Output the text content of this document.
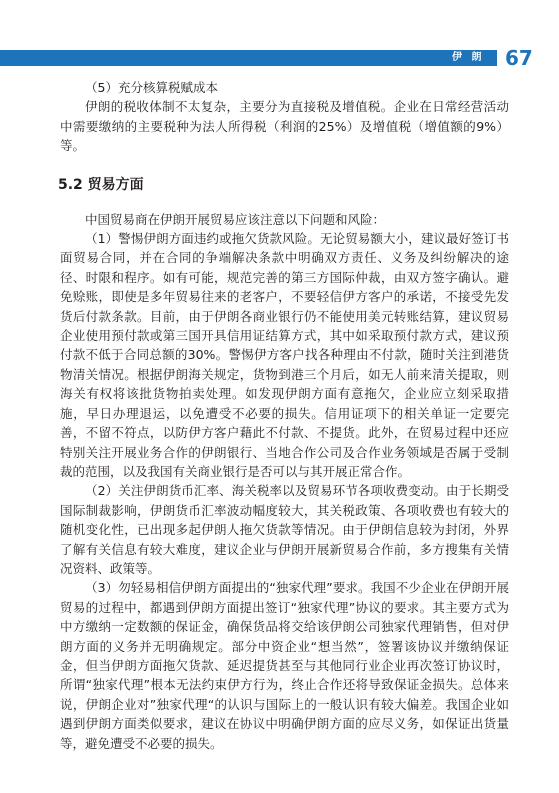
伊 朗 67

（5）充分核算税赋成本

伊朗的税收体制不太复杂，主要分为直接税及增值税。企业在日常经营活动中需要缴纳的主要税种为法人所得税（利润的25%）及增值税（增值额的9%）等。

5.2 贸易方面

中国贸易商在伊朗开展贸易应该注意以下问题和风险：

（1）警惕伊朗方面违约或拖欠货款风险。无论贸易额大小，建议最好签订书面贸易合同，并在合同的争端解决条款中明确双方责任、义务及纠纷解决的途径、时限和程序。如有可能，规范完善的第三方国际仲裁，由双方签字确认。避免赊账，即使是多年贸易往来的老客户，不要轻信伊方客户的承诺，不接受先发货后付款条款。目前，由于伊朗各商业银行仍不能使用美元转账结算，建议贸易企业使用预付款或第三国开具信用证结算方式，其中如采取预付款方式，建议预付款不低于合同总额的30%。警惕伊方客户找各种理由不付款，随时关注到港货物清关情况。根据伊朗海关规定，货物到港三个月后，如无人前来清关提取，则海关有权将该批货物拍卖处理。如发现伊朗方面有意拖欠，企业应立刻采取措施，早日办理退运，以免遭受不必要的损失。信用证项下的相关单证一定要完善，不留不符点，以防伊方客户藉此不付款、不提货。此外，在贸易过程中还应特别关注开展业务合作的伊朗银行、当地合作公司及合作业务领域是否属于受制裁的范围，以及我国有关商业银行是否可以与其开展正常合作。

（2）关注伊朗货币汇率、海关税率以及贸易环节各项收费变动。由于长期受国际制裁影响，伊朗货币汇率波动幅度较大，其关税政策、各项收费也有较大的随机变化性，已出现多起伊朗人拖欠货款等情况。由于伊朗信息较为封闭，外界了解有关信息有较大难度，建议企业与伊朗开展新贸易合作前，多方搜集有关情况资料、政策等。

（3）勿轻易相信伊朗方面提出的“独家代理”要求。我国不少企业在伊朗开展贸易的过程中，都遇到伊朗方面提出签订“独家代理”协议的要求。其主要方式为中方缴纳一定数额的保证金，确保货品将交给该伊朗公司独家代理销售，但对伊朗方面的义务并无明确规定。部分中资企业“想当然”，签署该协议并缴纳保证金，但当伊朗方面拖欠货款、延迟提货甚至与其他同行业企业再次签订协议时，所谓“独家代理”根本无法约束伊方行为，终止合作还将导致保证金损失。总体来说，伊朗企业对”独家代理“的认识与国际上的一般认识有较大偏差。我国企业如遇到伊朗方面类似要求，建议在协议中明确伊朗方面的应尽义务，如保证出货量等，避免遭受不必要的损失。
